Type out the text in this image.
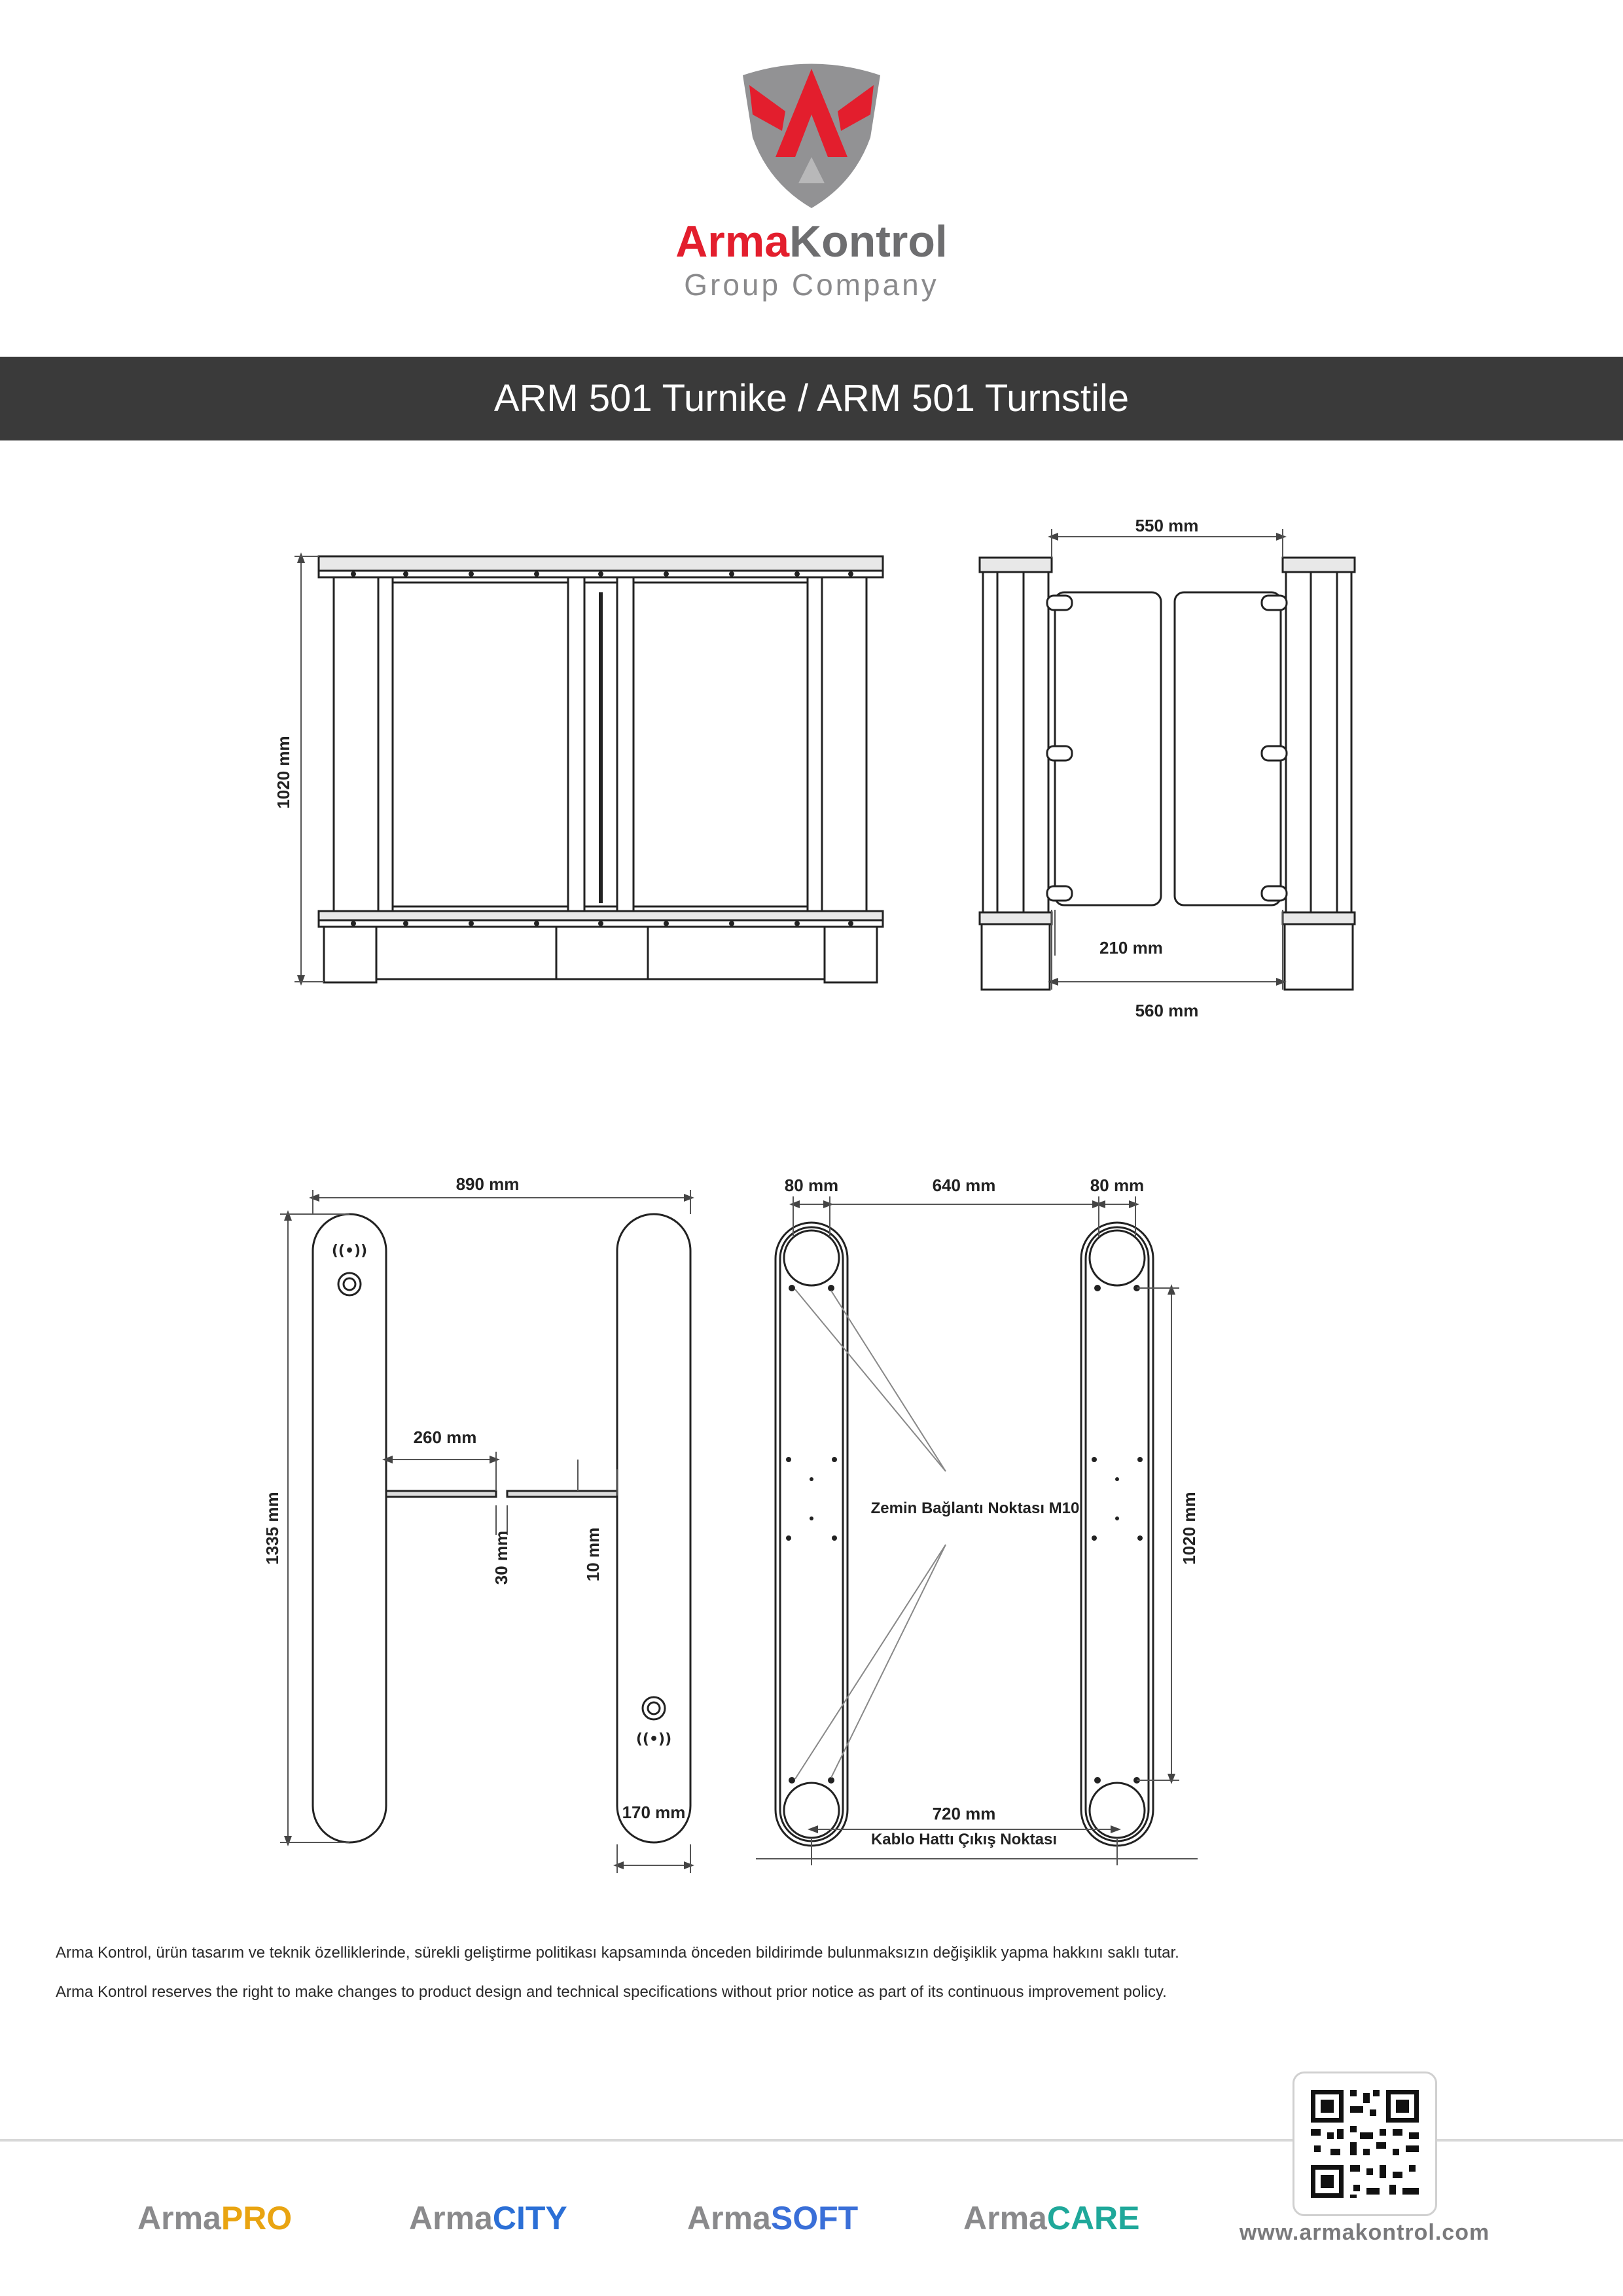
ArmaKontrol
Group Company
ARM 501 Turnike / ARM 501 Turnstile
1020 mm
550 mm
210 mm
560 mm
((•))
((•))
890 mm
1335 mm
260 mm
30 mm	10 mm
170 mm
80 mm	640 mm	80 mm
1020 mm
720 mm
Zemin Bağlantı Noktası M10
Kablo Hattı Çıkış Noktası
Arma Kontrol, ürün tasarım ve teknik özelliklerinde, sürekli geliştirme politikası kapsamında önceden bildirimde bulunmaksızın değişiklik yapma hakkını saklı tutar.
Arma Kontrol reserves the right to make changes to product design and technical specifications without prior notice as part of its continuous improvement policy.
ArmaPRO	ArmaCITY	ArmaSOFT	ArmaCARE	www.armakontrol.com
